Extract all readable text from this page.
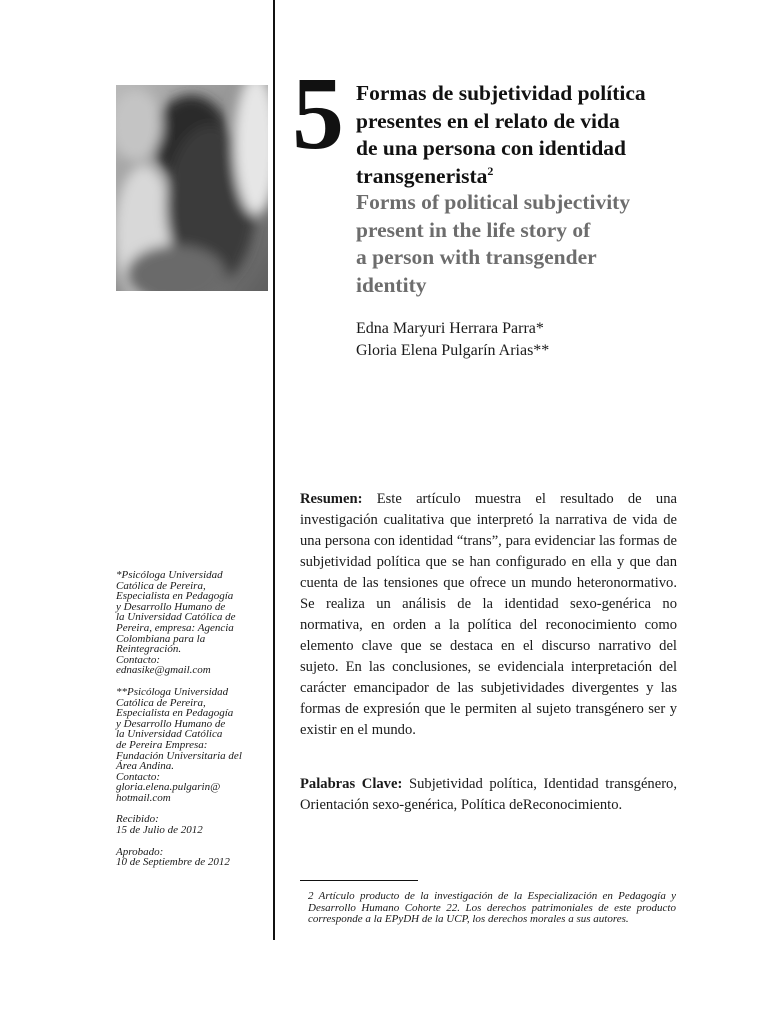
5 Formas de subjetividad política
presentes en el relato de vida
de una persona con identidad
transgenerista$^2$
Forms of political subjectivity
present in the life story of
a person with transgender
identity
Edna Maryuri Herrara Parra*
Gloria Elena Pulgarín Arias**
Resumen: Este artículo muestra el resultado de una investigación cualitativa que interpretó la narrativa de vida de una persona con identidad “trans”, para evidenciar las formas de subjetividad política que se han configurado en ella y que dan cuenta de las tensiones que ofrece un mundo heteronormativo. Se realiza un análisis de la identidad sexo-genérica no normativa, en orden a la política del reconocimiento como elemento clave que se destaca en el discurso narrativo del sujeto. En las conclusiones, se evidenciala interpretación del carácter emancipador de las subjetividades divergentes y las formas de expresión que le permiten al sujeto transgénero ser y existir en el mundo.
Palabras Clave: Subjetividad política, Identidad transgénero, Orientación sexo-genérica, Política deReconocimiento.
2 Artículo producto de la investigación de la Especialización en Pedagogía y Desarrollo Humano Cohorte 22. Los derechos patrimoniales de este producto corresponde a la EPyDH de la UCP, los derechos morales a sus autores.
*Psicóloga Universidad
Católica de Pereira,
Especialista en Pedagogía
y Desarrollo Humano de
la Universidad Católica de
Pereira, empresa: Agencia
Colombiana para la
Reintegración.
Contacto:
ednasike@gmail.com
**Psicóloga Universidad
Católica de Pereira,
Especialista en Pedagogía
y Desarrollo Humano de
la Universidad Católica
de Pereira Empresa:
Fundación Universitaria del
Área Andina.
Contacto:
gloria.elena.pulgarin@
hotmail.com
Recibido:
15 de Julio de 2012
Aprobado:
10 de Septiembre de 2012
